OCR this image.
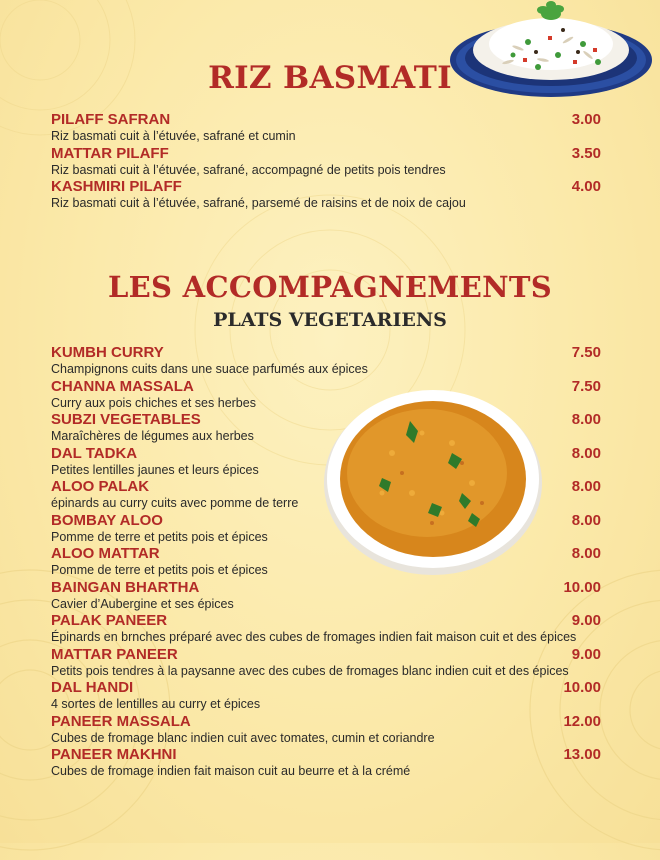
RIZ BASMATI
PILAFF SAFRAN	3.00
Riz basmati cuit à l’étuvée, safrané et cumin
MATTAR PILAFF	3.50
Riz basmati cuit à l’étuvée, safrané, accompagné de petits pois tendres
KASHMIRI PILAFF	4.00
Riz basmati cuit à l’étuvée, safrané, parsemé de raisins et de noix de cajou
LES ACCOMPAGNEMENTS
PLATS VEGETARIENS
KUMBH CURRY	7.50
Champignons cuits dans une suace parfumés aux épices
CHANNA MASSALA	7.50
Curry aux pois chiches et ses herbes
SUBZI VEGETABLES	8.00
Maraîchères de légumes aux herbes
DAL TADKA	8.00
Petites lentilles jaunes et leurs épices
ALOO PALAK	8.00
épinards au curry cuits avec pomme de terre
BOMBAY ALOO	8.00
Pomme de terre et petits pois et épices
ALOO MATTAR	8.00
Pomme de terre et petits pois et épices
BAINGAN BHARTHA	10.00
Cavier d’Aubergine et ses épices
PALAK PANEER	9.00
Épinards en brnches préparé avec des cubes de fromages indien fait maison cuit et des épices
MATTAR PANEER	9.00
Petits pois tendres à la paysanne avec des cubes de fromages blanc indien cuit et des épices
DAL HANDI	10.00
4 sortes de lentilles au curry et épices
PANEER MASSALA	12.00
Cubes de fromage blanc indien cuit avec tomates, cumin et coriandre
PANEER MAKHNI	13.00
Cubes de fromage indien fait maison cuit au beurre et à la crémé
